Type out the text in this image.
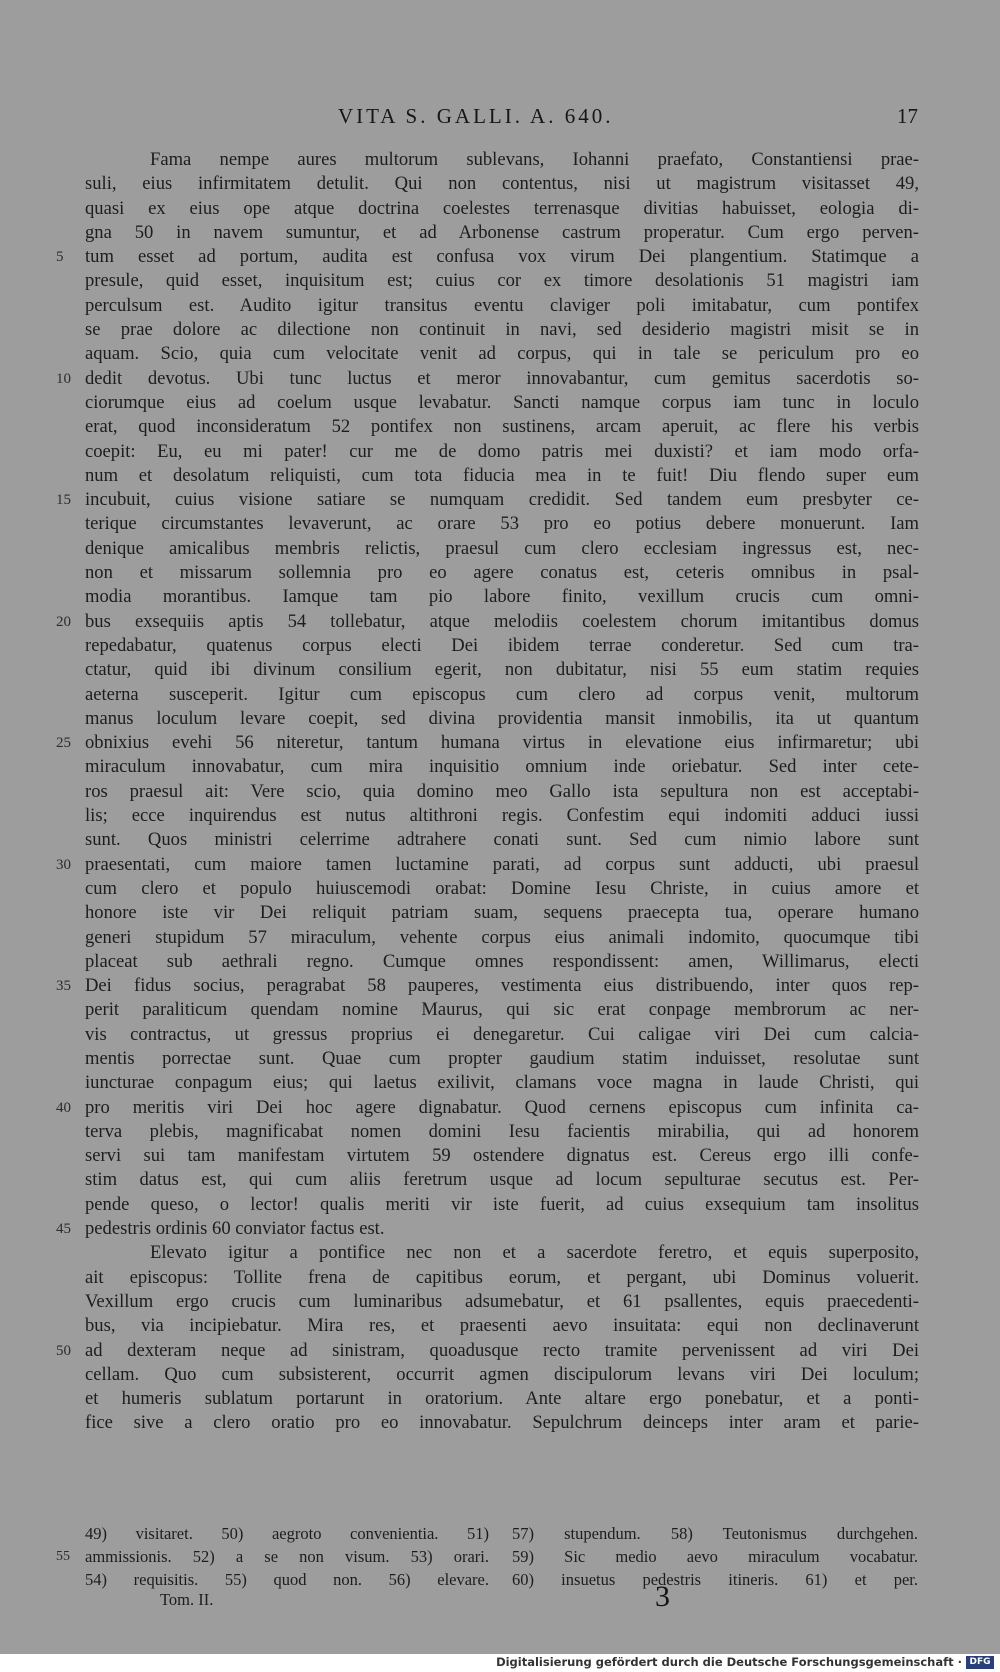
VITA S. GALLI. A. 640.	17
Fama nempe aures multorum sublevans, Iohanni praefato, Constantiensi prae-
suli, eius infirmitatem detulit. Qui non contentus, nisi ut magistrum visitasset 49,
quasi ex eius ope atque doctrina coelestes terrenasque divitias habuisset, eologia di-
gna 50 in navem sumuntur, et ad Arbonense castrum properatur. Cum ergo perven-
5	tum esset ad portum, audita est confusa vox virum Dei plangentium. Statimque a
presule, quid esset, inquisitum est; cuius cor ex timore desolationis 51 magistri iam
perculsum est. Audito igitur transitus eventu claviger poli imitabatur, cum pontifex
se prae dolore ac dilectione non continuit in navi, sed desiderio magistri misit se in
aquam. Scio, quia cum velocitate venit ad corpus, qui in tale se periculum pro eo
10 dedit devotus. Ubi tunc luctus et meror innovabantur, cum gemitus sacerdotis so-
ciorumque eius ad coelum usque levabatur. Sancti namque corpus iam tunc in loculo
erat, quod inconsideratum 52 pontifex non sustinens, arcam aperuit, ac flere his verbis
coepit: Eu, eu mi pater! cur me de domo patris mei duxisti? et iam modo orfa-
num et desolatum reliquisti, cum tota fiducia mea in te fuit! Diu flendo super eum
15 incubuit, cuius visione satiare se numquam credidit. Sed tandem eum presbyter ce-
terique circumstantes levaverunt, ac orare 53 pro eo potius debere monuerunt. Iam
denique amicalibus membris relictis, praesul cum clero ecclesiam ingressus est, nec-
non et missarum sollemnia pro eo agere conatus est, ceteris omnibus in psal-
modia morantibus. Iamque tam pio labore finito, vexillum crucis cum omni-
20 bus exsequiis aptis 54 tollebatur, atque melodiis coelestem chorum imitantibus domus
repedabatur, quatenus corpus electi Dei ibidem terrae conderetur. Sed cum tra-
ctatur, quid ibi divinum consilium egerit, non dubitatur, nisi 55 eum statim requies
aeterna susceperit. Igitur cum episcopus cum clero ad corpus venit, multorum
manus loculum levare coepit, sed divina providentia mansit inmobilis, ita ut quantum
25 obnixius evehi 56 niteretur, tantum humana virtus in elevatione eius infirmaretur; ubi
miraculum innovabatur, cum mira inquisitio omnium inde oriebatur. Sed inter cete-
ros praesul ait: Vere scio, quia domino meo Gallo ista sepultura non est acceptabi-
lis; ecce inquirendus est nutus altithroni regis. Confestim equi indomiti adduci iussi
sunt. Quos ministri celerrime adtrahere conati sunt. Sed cum nimio labore sunt
30 praesentati, cum maiore tamen luctamine parati, ad corpus sunt adducti, ubi praesul
cum clero et populo huiuscemodi orabat: Domine Iesu Christe, in cuius amore et
honore iste vir Dei reliquit patriam suam, sequens praecepta tua, operare humano
generi stupidum 57 miraculum, vehente corpus eius animali indomito, quocumque tibi
placeat sub aethrali regno. Cumque omnes respondissent: amen, Willimarus, electi
35 Dei fidus socius, peragrabat 58 pauperes, vestimenta eius distribuendo, inter quos rep-
perit paraliticum quendam nomine Maurus, qui sic erat conpage membrorum ac ner-
vis contractus, ut gressus proprius ei denegaretur. Cui caligae viri Dei cum calcia-
mentis porrectae sunt. Quae cum propter gaudium statim induisset, resolutae sunt
iuncturae conpagum eius; qui laetus exilivit, clamans voce magna in laude Christi, qui
40 pro meritis viri Dei hoc agere dignabatur. Quod cernens episcopus cum infinita ca-
terva plebis, magnificabat nomen domini Iesu facientis mirabilia, qui ad honorem
servi sui tam manifestam virtutem 59 ostendere dignatus est. Cereus ergo illi confe-
stim datus est, qui cum aliis feretrum usque ad locum sepulturae secutus est. Per-
pende queso, o lector! qualis meriti vir iste fuerit, ad cuius exsequium tam insolitus
45 pedestris ordinis 60 conviator factus est.
Elevato igitur a pontifice nec non et a sacerdote feretro, et equis superposito,
ait episcopus: Tollite frena de capitibus eorum, et pergant, ubi Dominus voluerit.
Vexillum ergo crucis cum luminaribus adsumebatur, et 61 psallentes, equis praecedenti-
bus, via incipiebatur. Mira res, et praesenti aevo insuitata: equi non declinaverunt
50 ad dexteram neque ad sinistram, quoadusque recto tramite pervenissent ad viri Dei
cellam. Quo cum subsisterent, occurrit agmen discipulorum levans viri Dei loculum;
et humeris sublatum portarunt in oratorium. Ante altare ergo ponebatur, et a ponti-
fice sive a clero oratio pro eo innovabatur. Sepulchrum deinceps inter aram et parie-
49) visitaret. 50) aegroto convenientia. 51) 57) stupendum. 58) Teutonismus durchgehen.
55 ammissionis. 52) a se non visum. 53) orari. 59) Sic medio aevo miraculum vocabatur.
54) requisitis. 55) quod non. 56) elevare. 60) insuetus pedestris itineris. 61) et per.
Tom. II.	3
Digitalisierung gefördert durch die Deutsche Forschungsgemeinschaft · DFG
